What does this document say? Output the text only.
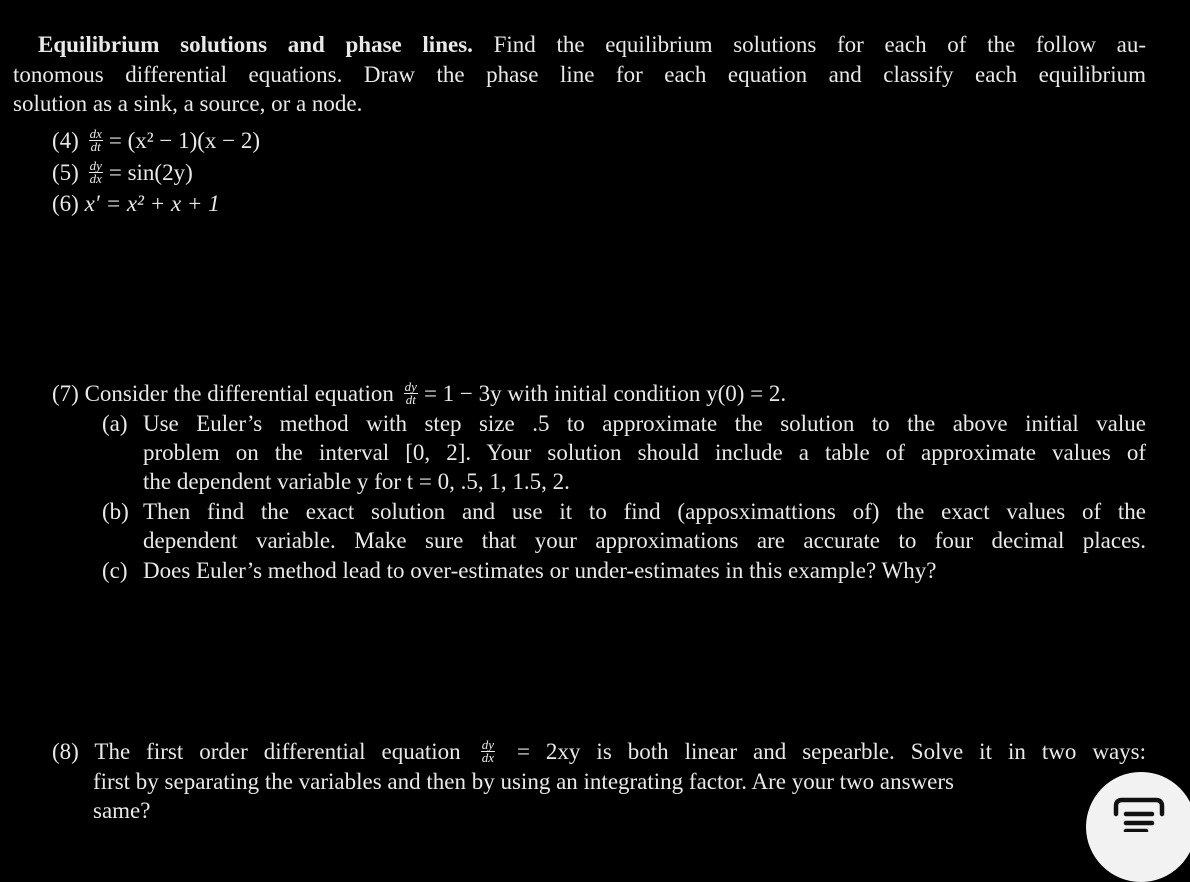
Equilibrium solutions and phase lines. Find the equilibrium solutions for each of the follow au-
tonomous differential equations. Draw the phase line for each equation and classify each equilibrium
solution as a sink, a source, or a node.
$(4) \frac{dx}{dt} = (x^2 - 1)(x - 2)$
$(5) \frac{dy}{dx} = \sin(2y)$
(6) x′ = x² + x + 1
(7) Consider the differential equation $\frac{dy}{dt} = 1 - 3y$ with initial condition y(0) = 2.
(a) Use Euler’s method with step size .5 to approximate the solution to the above initial value
problem on the interval [0, 2]. Your solution should include a table of approximate values of
the dependent variable y for t = 0, .5, 1, 1.5, 2.
(b) Then find the exact solution and use it to find (apposximattions of) the exact values of the
dependent variable. Make sure that your approximations are accurate to four decimal places.
(c) Does Euler’s method lead to over-estimates or under-estimates in this example? Why?
(8) The first order differential equation $\frac{dy}{dx} = 2xy$ is both linear and sepearble. Solve it in two ways:
first by separating the variables and then by using an integrating factor. Are your two answers
same?
